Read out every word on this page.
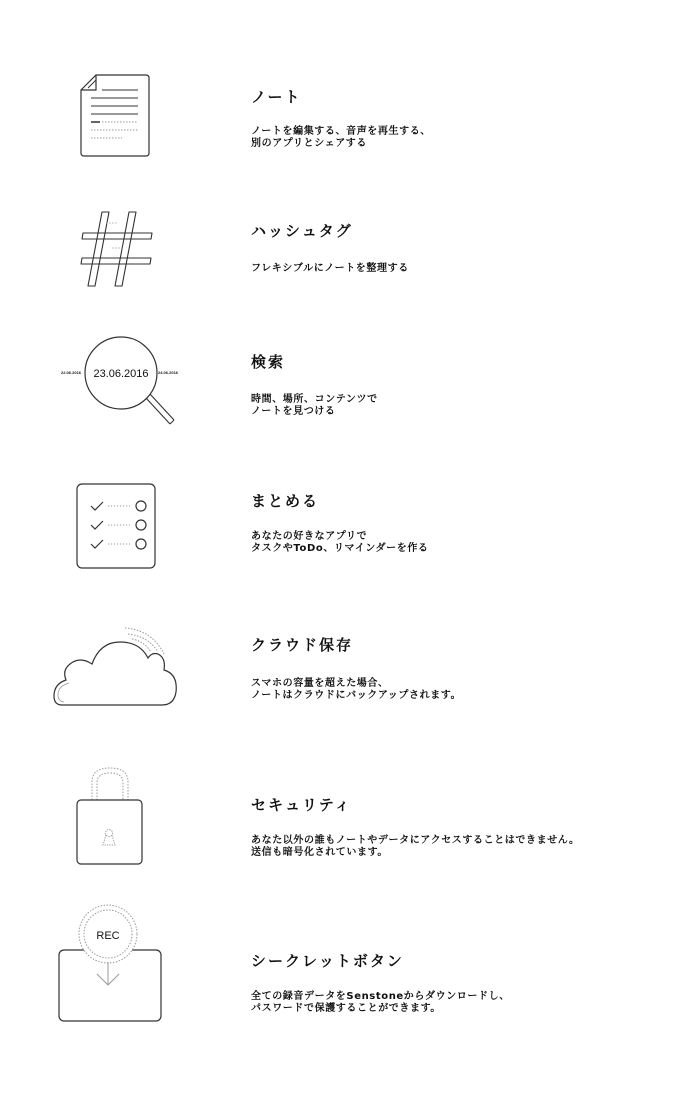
ノート
ノートを編集する、音声を再生する、
別のアプリとシェアする
ハッシュタグ
フレキシブルにノートを整理する
23.06.2016
22.06.2016	24.06.2016
検索
時間、場所、コンテンツで
ノートを見つける
まとめる
あなたの好きなアプリで
タスクやToDo、リマインダーを作る
クラウド保存
スマホの容量を超えた場合、
ノートはクラウドにバックアップされます。
セキュリティ
あなた以外の誰もノートやデータにアクセスすることはできません。
送信も暗号化されています。
REC
シークレットボタン
全ての録音データをSenstoneからダウンロードし、
パスワードで保護することができます。
